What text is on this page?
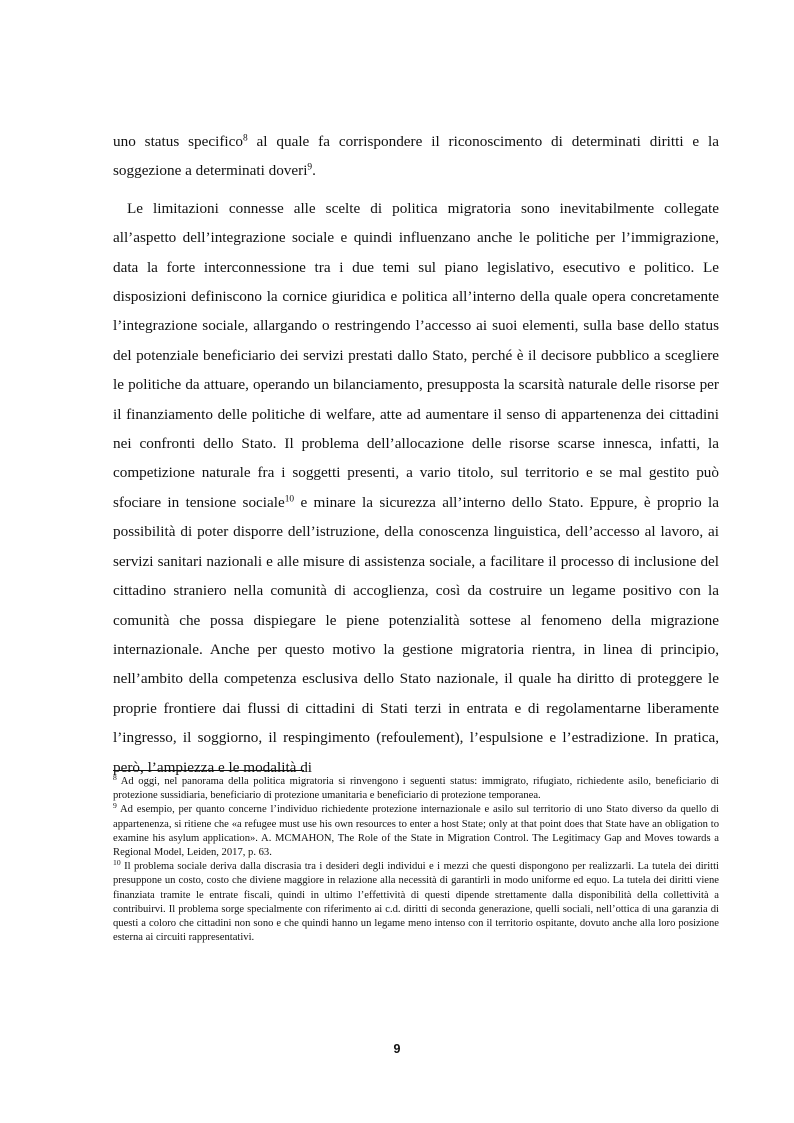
uno status specifico$^8$ al quale fa corrispondere il riconoscimento di determinati diritti e la soggezione a determinati doveri$^9$.

Le limitazioni connesse alle scelte di politica migratoria sono inevitabilmente collegate all’aspetto dell’integrazione sociale e quindi influenzano anche le politiche per l’immigrazione, data la forte interconnessione tra i due temi sul piano legislativo, esecutivo e politico. Le disposizioni definiscono la cornice giuridica e politica all’interno della quale opera concretamente l’integrazione sociale, allargando o restringendo l’accesso ai suoi elementi, sulla base dello status del potenziale beneficiario dei servizi prestati dallo Stato, perché è il decisore pubblico a scegliere le politiche da attuare, operando un bilanciamento, presupposta la scarsità naturale delle risorse per il finanziamento delle politiche di welfare, atte ad aumentare il senso di appartenenza dei cittadini nei confronti dello Stato. Il problema dell’allocazione delle risorse scarse innesca, infatti, la competizione naturale fra i soggetti presenti, a vario titolo, sul territorio e se mal gestito può sfociare in tensione sociale$^{10}$ e minare la sicurezza all’interno dello Stato. Eppure, è proprio la possibilità di poter disporre dell’istruzione, della conoscenza linguistica, dell’accesso al lavoro, ai servizi sanitari nazionali e alle misure di assistenza sociale, a facilitare il processo di inclusione del cittadino straniero nella comunità di accoglienza, così da costruire un legame positivo con la comunità che possa dispiegare le piene potenzialità sottese al fenomeno della migrazione internazionale. Anche per questo motivo la gestione migratoria rientra, in linea di principio, nell’ambito della competenza esclusiva dello Stato nazionale, il quale ha diritto di proteggere le proprie frontiere dai flussi di cittadini di Stati terzi in entrata e di regolamentarne liberamente l’ingresso, il soggiorno, il respingimento (refoulement), l’espulsione e l’estradizione. In pratica, però, l’ampiezza e le modalità di

$^8$ Ad oggi, nel panorama della politica migratoria si rinvengono i seguenti status: immigrato, rifugiato, richiedente asilo, beneficiario di protezione sussidiaria, beneficiario di protezione umanitaria e beneficiario di protezione temporanea.

$^9$ Ad esempio, per quanto concerne l’individuo richiedente protezione internazionale e asilo sul territorio di uno Stato diverso da quello di appartenenza, si ritiene che «a refugee must use his own resources to enter a host State; only at that point does that State have an obligation to examine his asylum application». A. MCMAHON, The Role of the State in Migration Control. The Legitimacy Gap and Moves towards a Regional Model, Leiden, 2017, p. 63.

$^{10}$ Il problema sociale deriva dalla discrasia tra i desideri degli individui e i mezzi che questi dispongono per realizzarli. La tutela dei diritti presuppone un costo, costo che diviene maggiore in relazione alla necessità di garantirli in modo uniforme ed equo. La tutela dei diritti viene finanziata tramite le entrate fiscali, quindi in ultimo l’effettività di questi dipende strettamente dalla disponibilità della collettività a contribuirvi. Il problema sorge specialmente con riferimento ai c.d. diritti di seconda generazione, quelli sociali, nell’ottica di una garanzia di questi a coloro che cittadini non sono e che quindi hanno un legame meno intenso con il territorio ospitante, dovuto anche alla loro posizione esterna ai circuiti rappresentativi.

9
